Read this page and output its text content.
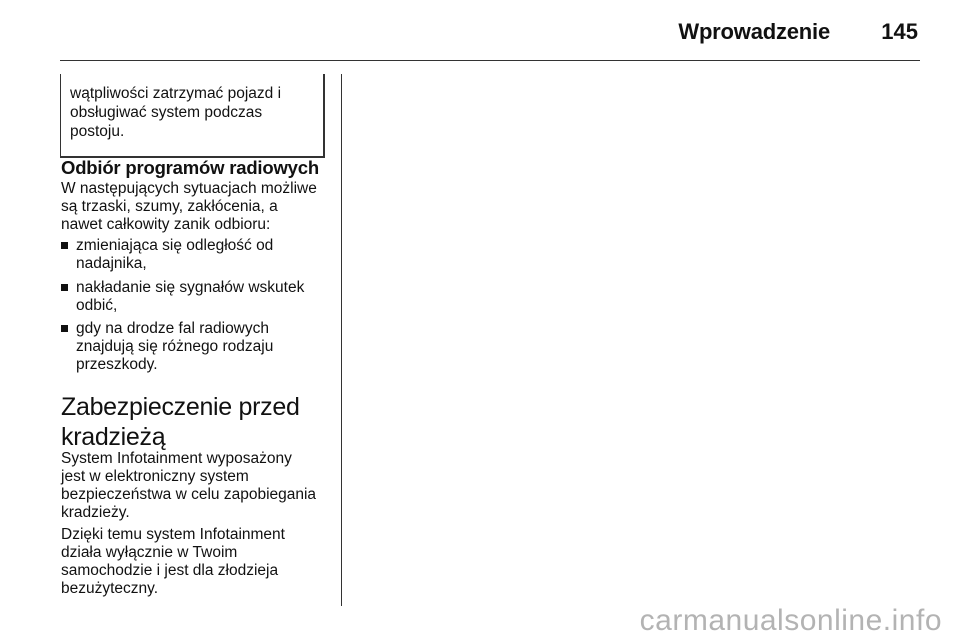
Wprowadzenie 145
wątpliwości zatrzymać pojazd i
obsługiwać system podczas
postoju.
Odbiór programów radiowych
W następujących sytuacjach możliwe
są trzaski, szumy, zakłócenia, a
nawet całkowity zanik odbioru:
zmieniająca się odległość od
nadajnika,
nakładanie się sygnałów wskutek
odbić,
gdy na drodze fal radiowych
znajdują się różnego rodzaju
przeszkody.
Zabezpieczenie przed
kradzieżą
System Infotainment wyposażony
jest w elektroniczny system
bezpieczeństwa w celu zapobiegania
kradzieży.
Dzięki temu system Infotainment
działa wyłącznie w Twoim
samochodzie i jest dla złodzieja
bezużyteczny.
carmanualsonline.info
